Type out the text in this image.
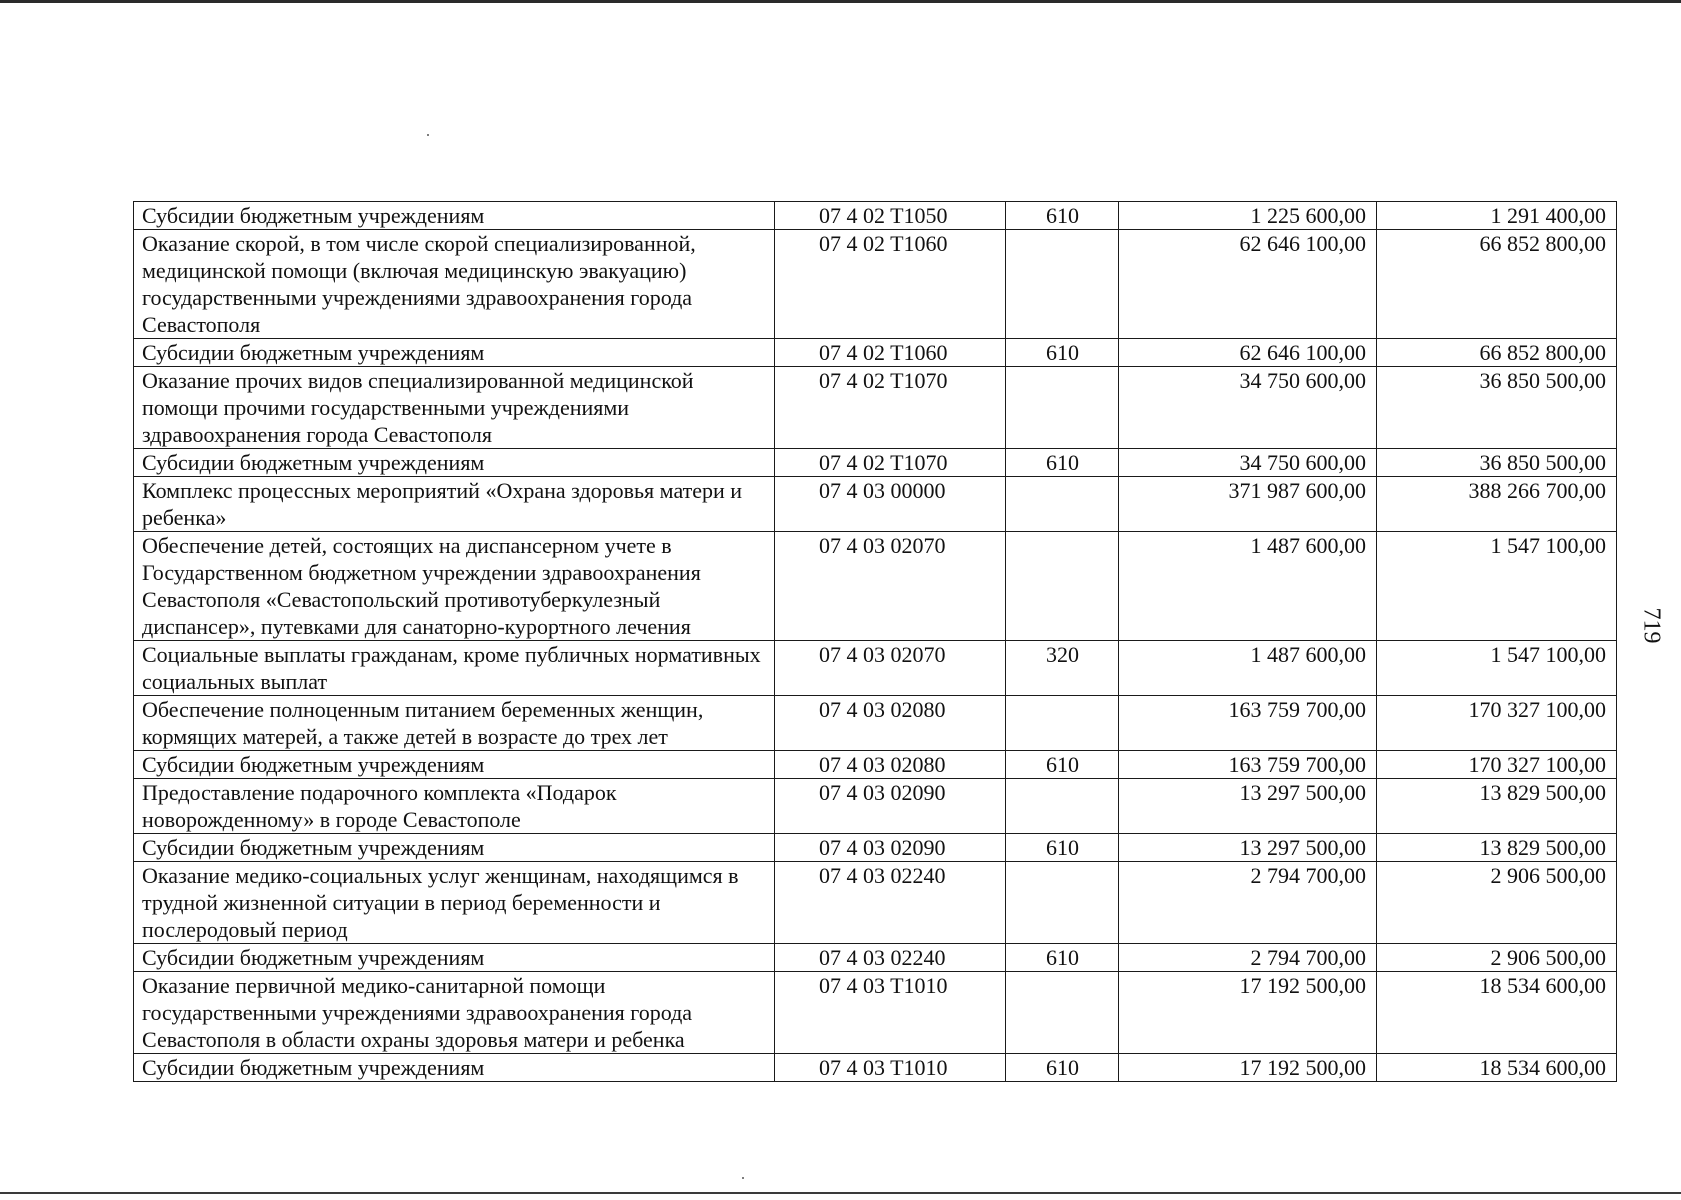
Субсидии бюджетным учреждениям	07 4 02 T1050	610	1 225 600,00	1 291 400,00
Оказание скорой, в том числе скорой специализированной, медицинской помощи (включая медицинскую эвакуацию) государственными учреждениями здравоохранения города Севастополя	07 4 02 T1060		62 646 100,00	66 852 800,00
Субсидии бюджетным учреждениям	07 4 02 T1060	610	62 646 100,00	66 852 800,00
Оказание прочих видов специализированной медицинской помощи прочими государственными учреждениями здравоохранения города Севастополя	07 4 02 T1070		34 750 600,00	36 850 500,00
Субсидии бюджетным учреждениям	07 4 02 T1070	610	34 750 600,00	36 850 500,00
Комплекс процессных мероприятий «Охрана здоровья матери и ребенка»	07 4 03 00000		371 987 600,00	388 266 700,00
Обеспечение детей, состоящих на диспансерном учете в Государственном бюджетном учреждении здравоохранения Севастополя «Севастопольский противотуберкулезный диспансер», путевками для санаторно-курортного лечения	07 4 03 02070		1 487 600,00	1 547 100,00
Социальные выплаты гражданам, кроме публичных нормативных социальных выплат	07 4 03 02070	320	1 487 600,00	1 547 100,00
Обеспечение полноценным питанием беременных женщин, кормящих матерей, а также детей в возрасте до трех лет	07 4 03 02080		163 759 700,00	170 327 100,00
Субсидии бюджетным учреждениям	07 4 03 02080	610	163 759 700,00	170 327 100,00
Предоставление подарочного комплекта «Подарок новорожденному» в городе Севастополе	07 4 03 02090		13 297 500,00	13 829 500,00
Субсидии бюджетным учреждениям	07 4 03 02090	610	13 297 500,00	13 829 500,00
Оказание медико-социальных услуг женщинам, находящимся в трудной жизненной ситуации в период беременности и послеродовый период	07 4 03 02240		2 794 700,00	2 906 500,00
Субсидии бюджетным учреждениям	07 4 03 02240	610	2 794 700,00	2 906 500,00
Оказание первичной медико-санитарной помощи государственными учреждениями здравоохранения города Севастополя в области охраны здоровья матери и ребенка	07 4 03 T1010		17 192 500,00	18 534 600,00
Субсидии бюджетным учреждениям	07 4 03 T1010	610	17 192 500,00	18 534 600,00
719
